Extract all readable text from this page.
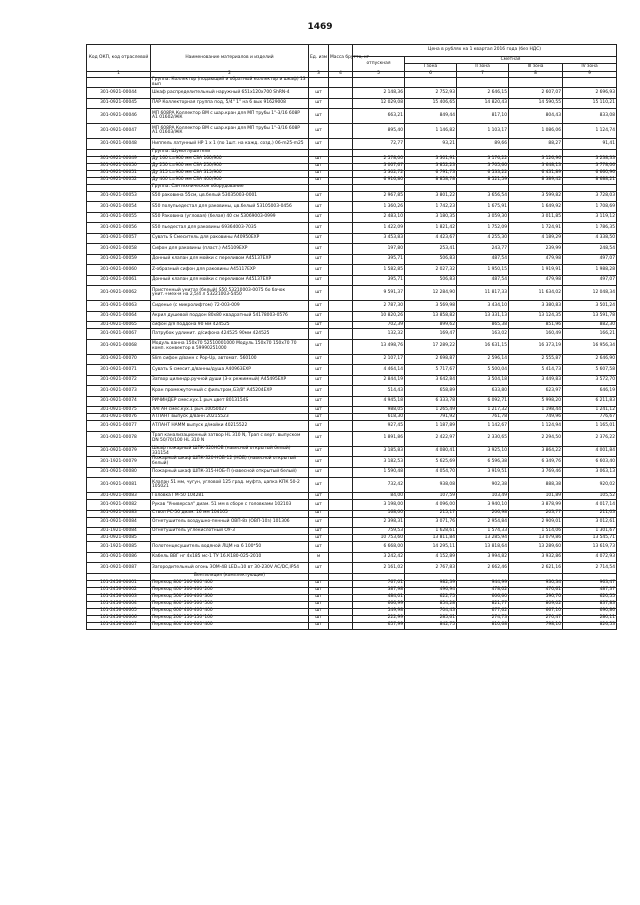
1469
Код ОКП, код отраслевой	Наименование материалов и изделий	Ед. изм	Масса брутто, кг	Цена в рублях на 1 квартал 2016 года (без НДС)				
				отпускная	Сметная			
					I зона	II зона	III зона	IV зона

1	2	3	4	5	6	7	8	9
	Группа: Коллектор (подающий и обратный коллектор и шкаф) 13 вып							
301-0921-00044	Шкаф распределительный наружный 651x120x700 ShRN-4	шт		2 148,36	2 752,93	2 646,15	2 607,07	2 696,93
301-0921-00045	ПАР Коллекторная группа под, 5/4" 1" на 6 вых 91629008	шт		12 029,08	15 406,65	14 820,43	14 590,55	15 110,21
301-0921-00046	МП 608РА Коллектор ВМ с шар.кран для МП трубы 1"-3/16 608Р А1 01602/ЖК	шт		663,21	849,44	817,10	804,43	833,08
301-0921-00047	МП 608РА Коллектор ВМ с шар.кран для МП трубы 1"-3/16 608Р А1 01603/ЖК	шт		895,40	1 146,82	1 103,17	1 086,06	1 124,74
301-0921-00048	Ниппель латунный HP 1 x 1 (по 1шт. на кажд. созд.) 06-m25-m25	шт		72,77	93,21	89,66	88,27	91,41
	Группа: Шумоглушители							
301-0921-00049	Ду 160 L=900 мм CSA 160/900	шт		2 578,00	3 301,91	3 176,22	3 126,96	3 238,33
301-0921-00050	Ду 250 L=900 мм CSA 250/900	шт		3 007,67	3 852,23	3 705,60	3 648,13	3 778,06
301-0921-00051	Ду 315 L=900 мм CSA 315/900	шт		5 302,72	6 791,73	6 533,22	6 431,89	6 660,96
301-0921-00052	Ду 400 L=900 мм CSA 400/900	шт		6 916,80	8 858,78	8 521,59	8 389,42	8 688,21
	Группа: Сантехническое оборудование							
301-0921-00053	S50 раковина 55см, цв.белый 53035003-0001	шт		2 967,85	3 801,22	3 656,54	3 599,82	3 728,03
301-0921-00054	S50 полупьедестал для раковины, цв.белый 53105003-0456	шт		1 360,26	1 742,23	1 675,91	1 649,92	1 708,69
301-0921-00055	S50 Раковина (угловая) (белая) 40 см 53069003-0999	шт		2 483,10	3 180,35	3 059,30	3 011,85	3 119,12
301-0921-00056	S50 пьедестал для раковины 69364003-7035	шт		1 422,09	1 821,42	1 752,09	1 724,91	1 786,35
301-0921-00057	Сувать S Смеситель для раковины A40950EXP	шт		3 453,83	4 423,67	4 255,30	4 189,29	4 338,50
301-0921-00058	Сифон для раковины (пласт.) A45109EXP	шт		197,80	253,41	243,77	239,99	248,54
301-0921-00059	Донный клапан для мойки с переливом A45137EXP	шт		395,71	506,83	487,54	479,98	497,07
301-0921-00060	Z-образный сифон для раковины A45117EXP	шт		1 582,85	2 027,32	1 950,15	1 919,91	1 988,28
301-0921-00061	Донный клапан для мойки с переливом A45137EXP	шт		395,71	506,83	487,54	479,98	497,07
301-0921-00062	Пристенный унитаз (белый) S50 53210003-0075 бо бачок унит.+мех-м на 2,5/4 л 53221003-5450	шт		9 591,37	12 284,90	11 817,33	11 634,02	12 048,34
301-0921-00063	Сиденье (с микролифтом) 72-003-009	шт		2 787,30	3 569,98	3 434,10	3 380,83	3 501,24
301-0921-00064	Акрил душевой поддон 80x80 квадратный 54178003-0576	шт		10 820,26	13 858,82	13 331,13	13 124,35	13 591,78
301-0921-00065	сифон д/я поддона 90 мм 424525	шт		702,39	899,62	865,38	851,96	882,30
301-0921-00067	Патрубок удлинит. д/сифона 424525 90мм 424525	шт		132,32	169,47	163,02	160,49	166,21
301-0921-00068	Модуль ванна 150x70 52510001000 Модуль 150x70 150x70 70 комп. конвектор в 59990251000	шт		13 498,76	17 289,22	16 631,15	16 373,19	16 956,34
301-0921-00070	Slim сифон д/ванн с Pop-Up, автомат. 560100	шт		2 107,17	2 698,87	2 596,14	2 555,87	2 646,90
301-0921-00071	Сувать S смесит.д/ванны/душа A40963EXP	шт		4 464,14	5 717,67	5 500,04	5 414,73	5 607,58
301-0921-00072	Затвор цилиндр.ручной души (3-х режимный) A45495EXP	шт		2 844,19	3 642,84	3 504,18	3 449,83	3 572,70
301-0921-00073	Кран промежуточный с фильтром,G3/8" A45204EXP	шт		514,43	658,89	633,80	623,97	646,19
301-0921-00074	РИЧИНДЕР смес.кух.1 рыч.цвет 8013154S	шт		4 945,18	6 333,78	6 092,71	5 998,20	6 211,83
301-0921-00075	ЛАГАН смес.кух.1 рыч.10050027	шт		988,05	1 265,49	1 217,32	1 198,44	1 241,12
301-0921-00076	АТЛАНТ выпуск д/ванн 20215523	шт		618,30	791,92	761,78	749,96	776,67
301-0921-00077	АТЛАНТ НАММ выпуск д/мойки 40215522	шт		927,45	1 187,89	1 142,67	1 124,94	1 165,01
301-0921-00078	Трап канализационный затвор HL 310 N, Трап с верт. выпуском DN 50/70/100 HL 310 N	шт		1 891,86	2 422,97	2 330,65	2 294,50	2 376,22
301-0921-00079	Шкаф пожарный ШПК-320НОБ (навесной открытый белый) 331154	шт		3 185,83	4 080,41	3 925,10	3 864,22	4 001,84
301-1921-00079	Пожарный шкаф ШПК-320-НОБ-12 (НОБ) (навесной открытый белый)	шт		3 182,53	5 625,69	6 596,38	6 349,76	6 603,40
301-0921-00080	Пожарный шкаф ШПК-315-НОБ-П (навесной открытый белый)	шт		1 590,48	4 054,70	3 919,51	3 769,46	3 063,13
301-0921-00081	Клапан 51 мм, чугун, угловой 125 град. муфта, цапка КПК 50-2 105021	шт		732,42	938,08	902,38	888,38	920,02
301-0921-00083	Головка ГМ-50 104281	шт		84,00	107,59	103,49	101,89	105,52
301-0921-00082	Рукав "Универсал" диам. 51 мм в сборе с головками 102103	шт		3 198,00	4 096,00	3 940,10	3 878,99	4 017,14
301-0921-00083	Ствол РС-50 диам. 16 мм 104105	шт		168,00	215,17	206,98	203,77	211,03
301-0921-00084	Огнетушитель воздушно-пенный ОВП-8з (ОВП-10з) 101306	шт		2 398,31	3 071,76	2 954,84	2 909,01	3 012,61
301-1921-00084	Огнетушитель углекислотный ОУ-3	шт		759,53	1 628,61	1 574,33	1 514,06	1 301,67
301-0921-00085		шт		10 753,60	13 811,84	13 285,94	13 079,86	13 545,71
301-1921-00085	Полотенцесушитель водяной ЛЦМ на 6 100*50	шт		6 668,00	14 295,11	13 818,64	13 289,60	13 619,73
301-0921-00086	Кабель ВВГ нг 4x185 мс-1 ТУ 16.К180-025-2010	м		3 242,42	4 152,89	3 994,82	3 932,86	4 072,93
301-0921-00087	Загородительный огонь ЗОМ-4В LED=10 вт 30-230V AC/DC,IP54	шт		2 161,02	2 767,83	2 662,46	2 621,16	2 714,54
	Вентиляция (комплектующие)							
101-2456-00001	Переход 800*500-600*400	шт		767,01	982,39	944,99	930,34	963,47
101-2456-00002	Переход 400*300-400*200	шт		387,98	496,94	478,02	470,61	487,37
101-2456-00003	Переход 500*500-400*300	шт		484,01	622,75	606,60	590,70	620,55
101-2456-00004	Переход 800*500-500*500	шт		666,99	854,28	821,77	809,02	837,83
101-2456-00005	Переход 600*400-400*400	шт		549,98	704,43	677,62	667,10	690,86
101-2456-00006	Переход 200*150-150*100	шт		222,99	285,61	274,73	270,47	280,11
101-2456-00007	Переход 800*400-600*400	шт		657,99	842,75	810,68	798,10	826,53
